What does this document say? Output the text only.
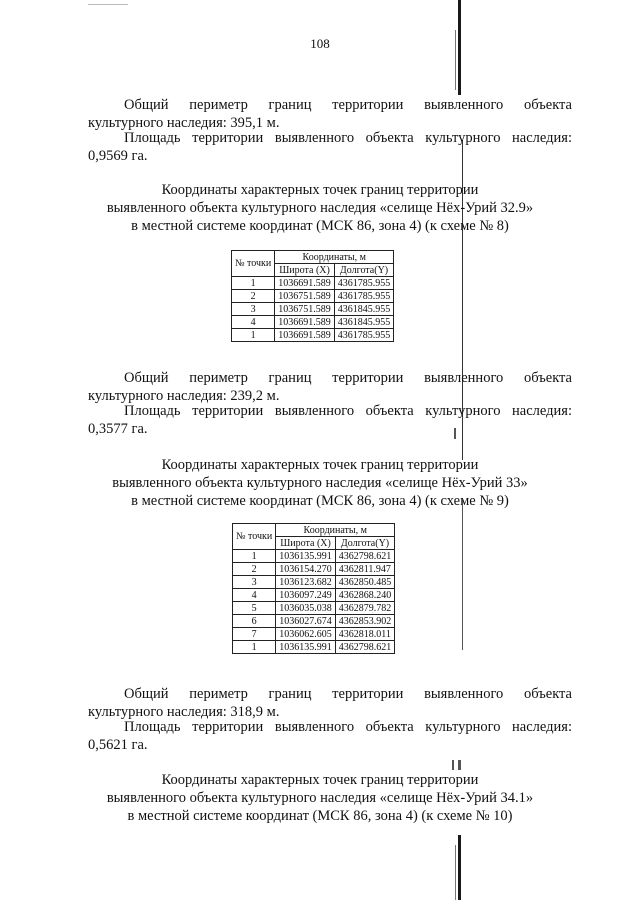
108

Общий периметр границ территории выявленного объекта

культурного наследия: 395,1 м.

Площадь территории выявленного объекта культурного наследия:

0,9569 га.

Координаты характерных точек границ территории
выявленного объекта культурного наследия «селище Нёх-Урий 32.9»
в местной системе координат (МСК 86, зона 4) (к схеме № 8)
№ точки	Координаты, м	
	Широта (X)	Долгота(Y)
1	1036691.589	4361785.955
2	1036751.589	4361785.955
3	1036751.589	4361845.955
4	1036691.589	4361845.955
1	1036691.589	4361785.955

Общий периметр границ территории выявленного объекта

культурного наследия: 239,2 м.

Площадь территории выявленного объекта культурного наследия:

0,3577 га.

Координаты характерных точек границ территории
выявленного объекта культурного наследия «селище Нёх-Урий 33»
в местной системе координат (МСК 86, зона 4) (к схеме № 9)
№ точки	Координаты, м	
	Широта (X)	Долгота(Y)
1	1036135.991	4362798.621
2	1036154.270	4362811.947
3	1036123.682	4362850.485
4	1036097.249	4362868.240
5	1036035.038	4362879.782
6	1036027.674	4362853.902
7	1036062.605	4362818.011
1	1036135.991	4362798.621

Общий периметр границ территории выявленного объекта

культурного наследия: 318,9 м.

Площадь территории выявленного объекта культурного наследия:

0,5621 га.

Координаты характерных точек границ территории
выявленного объекта культурного наследия «селище Нёх-Урий 34.1»
в местной системе координат (МСК 86, зона 4) (к схеме № 10)
